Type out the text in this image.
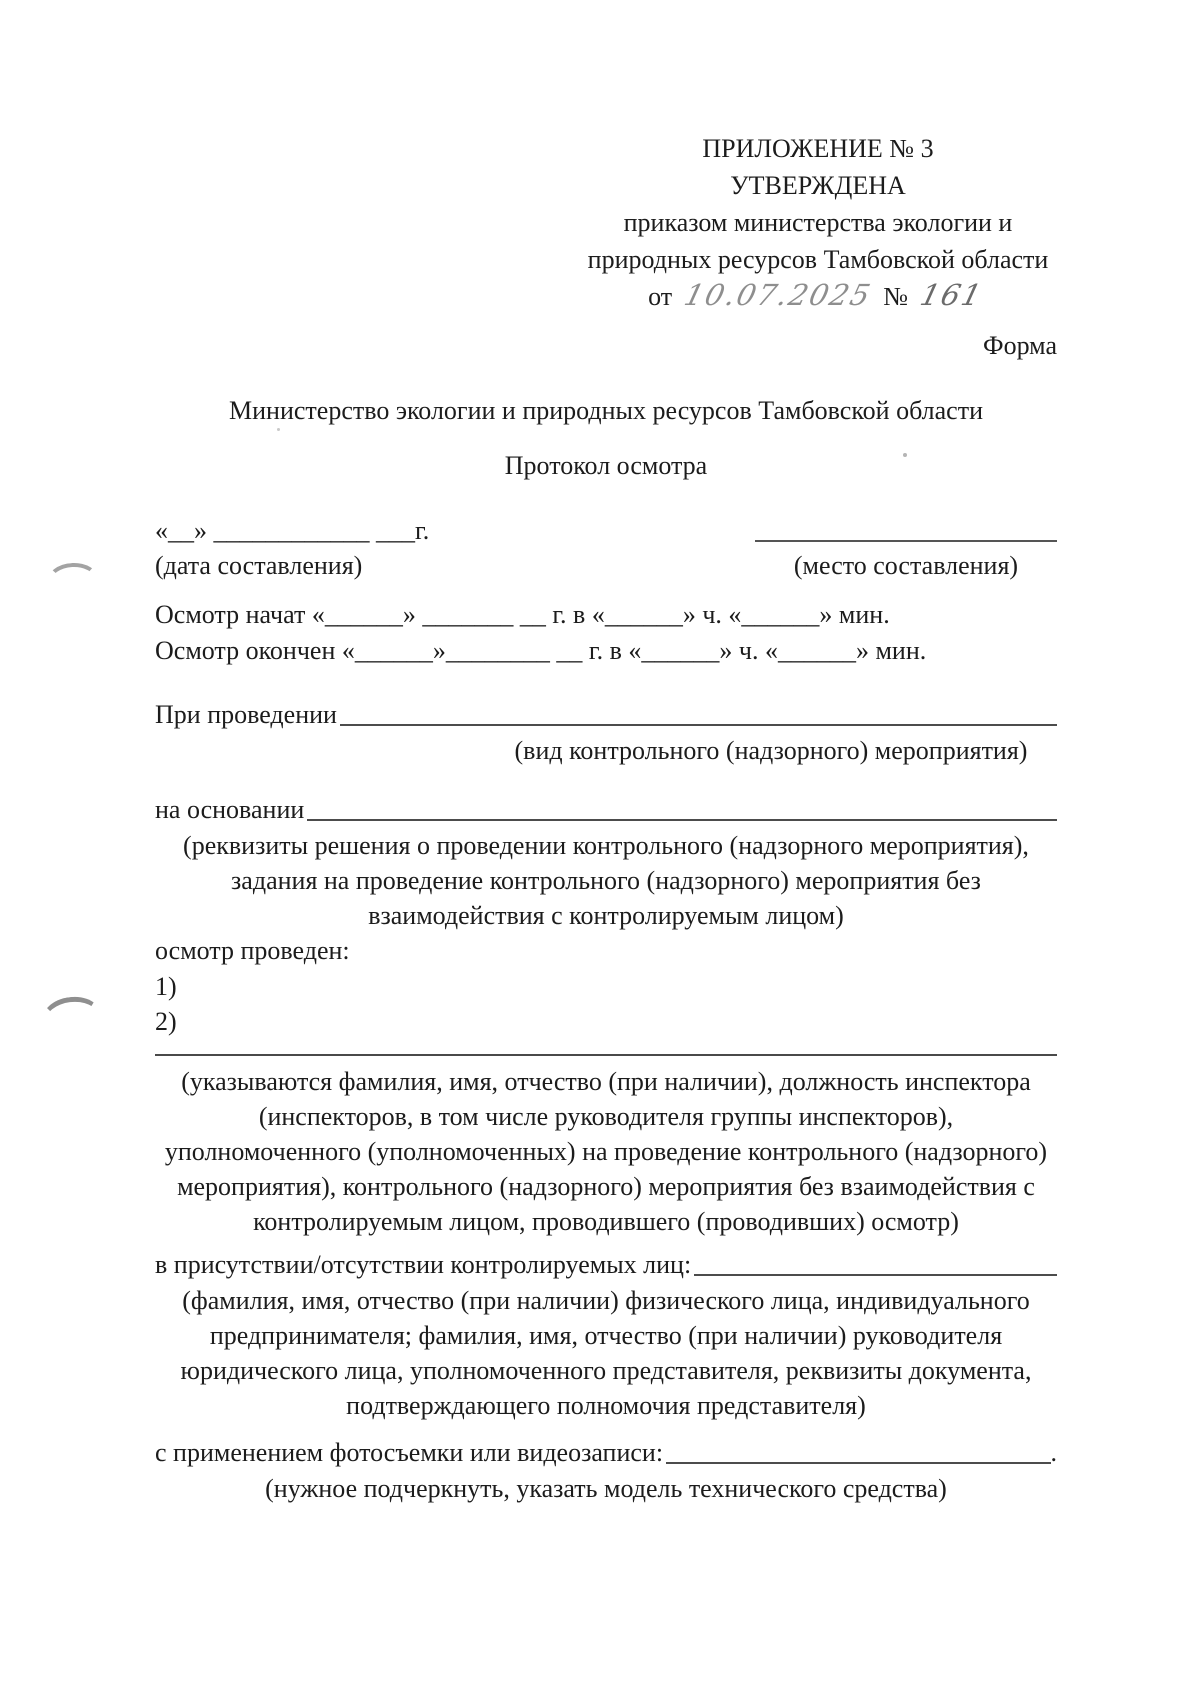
ПРИЛОЖЕНИЕ № 3
УТВЕРЖДЕНА
приказом министерства экологии и
природных ресурсов Тамбовской области
от 10.07.2025 № 161
Форма
Министерство экологии и природных ресурсов Тамбовской области
Протокол осмотра
«__» ____________ ___г.
(дата составления)	(место составления)
Осмотр начат «______» _______ __ г. в «______» ч. «______» мин.
Осмотр окончен «______»________ __ г. в «______» ч. «______» мин.
При проведении
(вид контрольного (надзорного) мероприятия)
на основании
(реквизиты решения о проведении контрольного (надзорного мероприятия),
задания на проведение контрольного (надзорного) мероприятия без
взаимодействия с контролируемым лицом)
осмотр проведен:
1)
2)
(указываются фамилия, имя, отчество (при наличии), должность инспектора
(инспекторов, в том числе руководителя группы инспекторов),
уполномоченного (уполномоченных) на проведение контрольного (надзорного)
мероприятия), контрольного (надзорного) мероприятия без взаимодействия с
контролируемым лицом, проводившего (проводивших) осмотр)
в присутствии/отсутствии контролируемых лиц:
(фамилия, имя, отчество (при наличии) физического лица, индивидуального
предпринимателя; фамилия, имя, отчество (при наличии) руководителя
юридического лица, уполномоченного представителя, реквизиты документа,
подтверждающего полномочия представителя)
с применением фотосъемки или видеозаписи:	.
(нужное подчеркнуть, указать модель технического средства)
